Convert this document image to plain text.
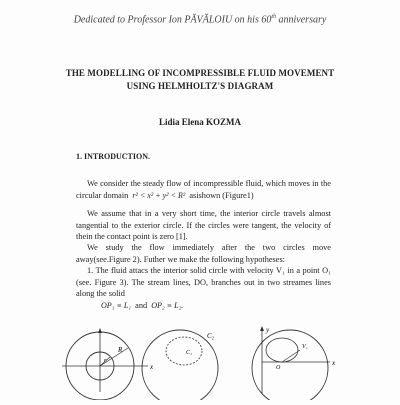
Dedicated to Professor Ion PĂVĂLOIU on his 60th anniversary
THE MODELLING OF INCOMPRESSIBLE FLUID MOVEMENT
USING HELMHOLTZ'S DIAGRAM
Lidia Elena KOZMA
1. INTRODUCTION.
We consider the steady flow of incompressible fluid, which moves in the circular domain r² < x² + y² < R² asishown (Figure1)
We assume that in a very short time, the interior circle travels almost tangential to the exterior circle. If the circles were tangent, the velocity of thein the contact point is zero [1].
We study the flow immediately after the two circles move away(see.Figure 2). Futher we make the following hypotheses:
1. The fluid attacs the interior solid circle with velocity V₁ in a point O₁ (see. Figure 3). The stream lines, DO, branches out in two streames lines along the solid
OP₁ ≡ L₁ and OP₂ ≡ L₂.
R
r
x
C₂
C₁
y
x
O
V₁
